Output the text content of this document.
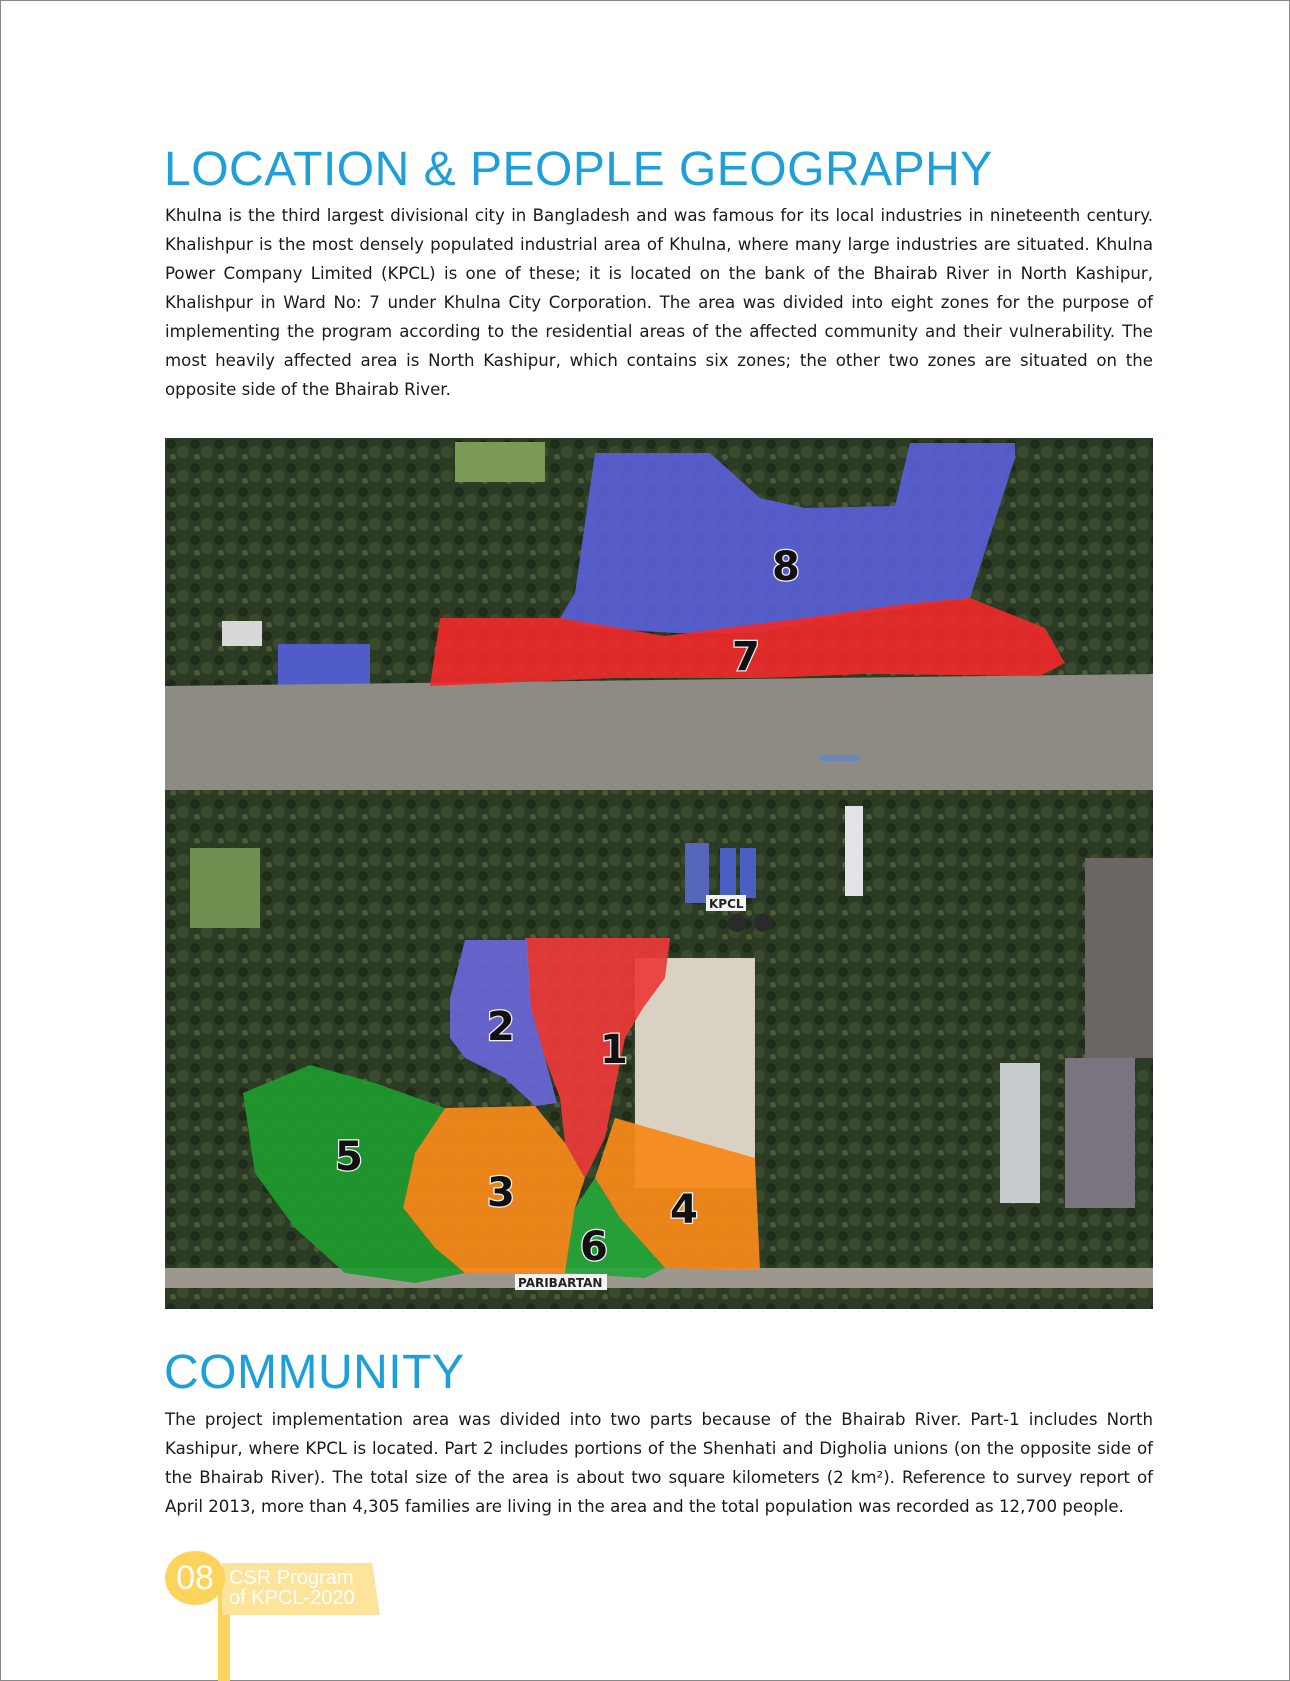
LOCATION & PEOPLE GEOGRAPHY

Khulna is the third largest divisional city in Bangladesh and was famous for its local industries in nineteenth century. Khalishpur is the most densely populated industrial area of Khulna, where many large industries are situated. Khulna Power Company Limited (KPCL) is one of these; it is located on the bank of the Bhairab River in North Kashipur, Khalishpur in Ward No: 7 under Khulna City Corporation. The area was divided into eight zones for the purpose of implementing the program according to the residential areas of the affected community and their vulnerability. The most heavily affected area is North Kashipur, which contains six zones; the other two zones are situated on the opposite side of the Bhairab River.

8
7
1
2
3	4
5
6
KPCL
PARIBARTAN
COMMUNITY

The project implementation area was divided into two parts because of the Bhairab River. Part-1 includes North Kashipur, where KPCL is located. Part 2 includes portions of the Shenhati and Digholia unions (on the opposite side of the Bhairab River). The total size of the area is about two square kilometers (2 km²). Reference to survey report of April 2013, more than 4,305 families are living in the area and the total population was recorded as 12,700 people.

08 CSR Program
of KPCL-2020
